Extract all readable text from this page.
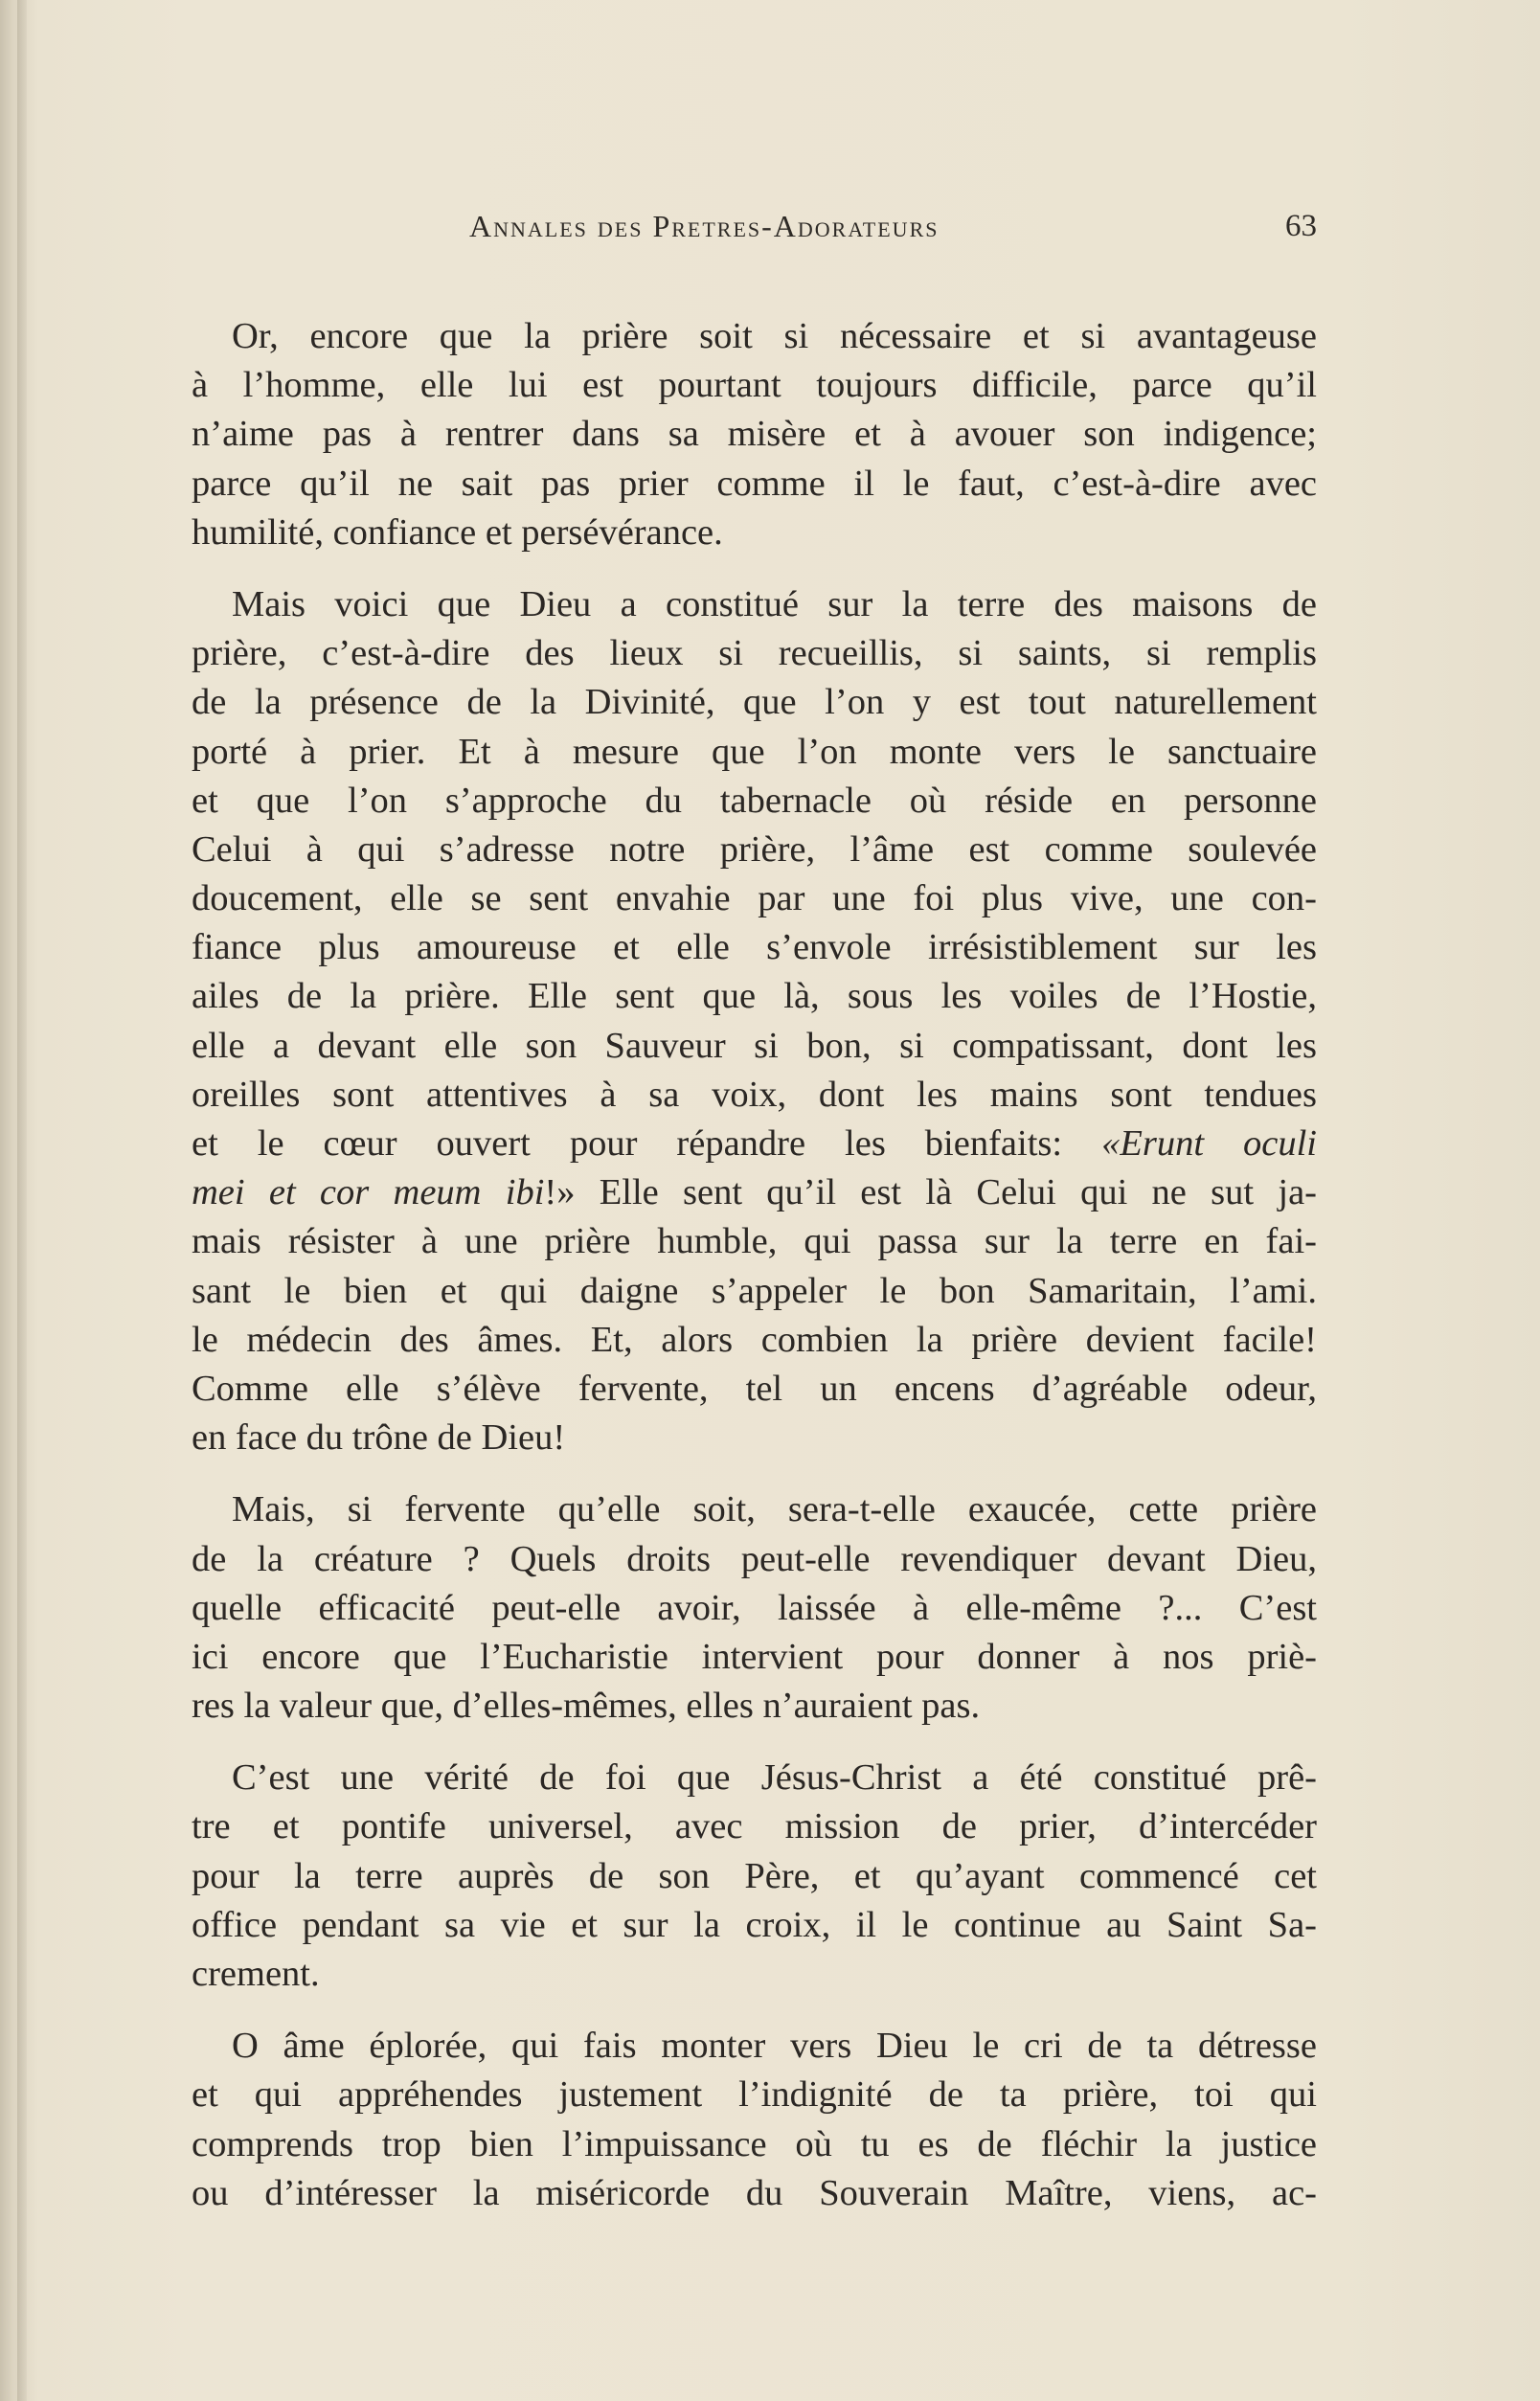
Annales des Pretres-Adorateurs	63

Or, encore que la prière soit si nécessaire et si avantageuse
à l’homme, elle lui est pourtant toujours difficile, parce qu’il
n’aime pas à rentrer dans sa misère et à avouer son indigence;
parce qu’il ne sait pas prier comme il le faut, c’est-à-dire avec
humilité, confiance et persévérance.

Mais voici que Dieu a constitué sur la terre des maisons de
prière, c’est-à-dire des lieux si recueillis, si saints, si remplis
de la présence de la Divinité, que l’on y est tout naturellement
porté à prier. Et à mesure que l’on monte vers le sanctuaire
et que l’on s’approche du tabernacle où réside en personne
Celui à qui s’adresse notre prière, l’âme est comme soulevée
doucement, elle se sent envahie par une foi plus vive, une con-
fiance plus amoureuse et elle s’envole irrésistiblement sur les
ailes de la prière. Elle sent que là, sous les voiles de l’Hostie,
elle a devant elle son Sauveur si bon, si compatissant, dont les
oreilles sont attentives à sa voix, dont les mains sont tendues
et le cœur ouvert pour répandre les bienfaits: «Erunt oculi
mei et cor meum ibi!» Elle sent qu’il est là Celui qui ne sut ja-
mais résister à une prière humble, qui passa sur la terre en fai-
sant le bien et qui daigne s’appeler le bon Samaritain, l’ami.
le médecin des âmes. Et, alors combien la prière devient facile!
Comme elle s’élève fervente, tel un encens d’agréable odeur,
en face du trône de Dieu!

Mais, si fervente qu’elle soit, sera-t-elle exaucée, cette prière
de la créature ? Quels droits peut-elle revendiquer devant Dieu,
quelle efficacité peut-elle avoir, laissée à elle-même ?... C’est
ici encore que l’Eucharistie intervient pour donner à nos priè-
res la valeur que, d’elles-mêmes, elles n’auraient pas.

C’est une vérité de foi que Jésus-Christ a été constitué prê-
tre et pontife universel, avec mission de prier, d’intercéder
pour la terre auprès de son Père, et qu’ayant commencé cet
office pendant sa vie et sur la croix, il le continue au Saint Sa-
crement.

O âme éplorée, qui fais monter vers Dieu le cri de ta détresse
et qui appréhendes justement l’indignité de ta prière, toi qui
comprends trop bien l’impuissance où tu es de fléchir la justice
ou d’intéresser la miséricorde du Souverain Maître, viens, ac-
